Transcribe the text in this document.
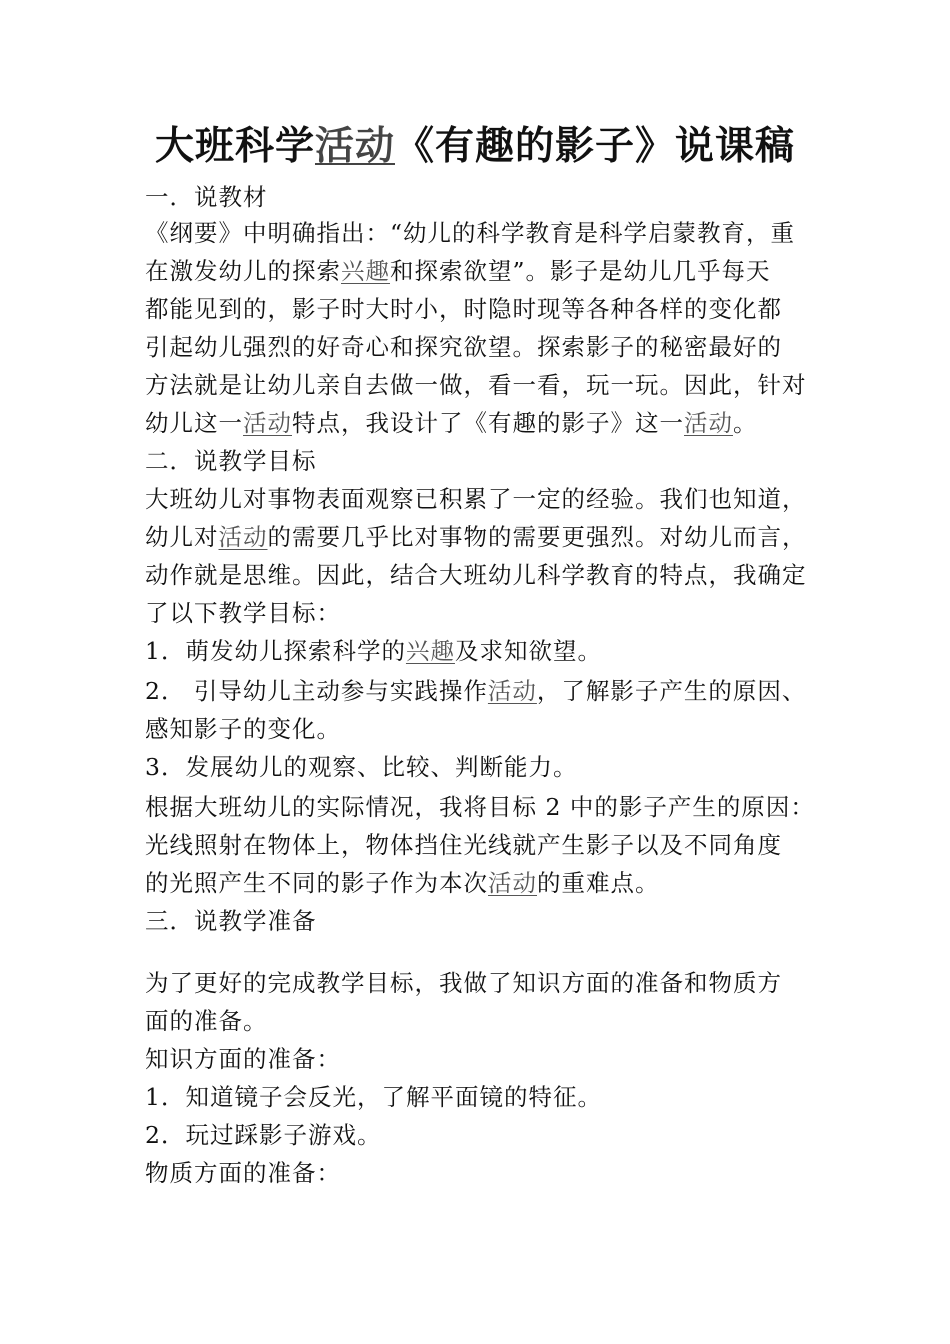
大班科学活动《有趣的影子》说课稿
一．说教材
《纲要》中明确指出：“幼儿的科学教育是科学启蒙教育，重
在激发幼儿的探索兴趣和探索欲望”。影子是幼儿几乎每天
都能见到的，影子时大时小，时隐时现等各种各样的变化都
引起幼儿强烈的好奇心和探究欲望。探索影子的秘密最好的
方法就是让幼儿亲自去做一做，看一看，玩一玩。因此，针对
幼儿这一活动特点，我设计了《有趣的影子》这一活动。
二．说教学目标
大班幼儿对事物表面观察已积累了一定的经验。我们也知道，
幼儿对活动的需要几乎比对事物的需要更强烈。对幼儿而言，
动作就是思维。因此，结合大班幼儿科学教育的特点，我确定
了以下教学目标：
1．萌发幼儿探索科学的兴趣及求知欲望。
2． 引导幼儿主动参与实践操作活动，了解影子产生的原因、
感知影子的变化。
3．发展幼儿的观察、比较、判断能力。
根据大班幼儿的实际情况，我将目标 2 中的影子产生的原因：
光线照射在物体上，物体挡住光线就产生影子以及不同角度
的光照产生不同的影子作为本次活动的重难点。
三．说教学准备
为了更好的完成教学目标，我做了知识方面的准备和物质方
面的准备。
知识方面的准备：
1．知道镜子会反光，了解平面镜的特征。
2．玩过踩影子游戏。
物质方面的准备：
